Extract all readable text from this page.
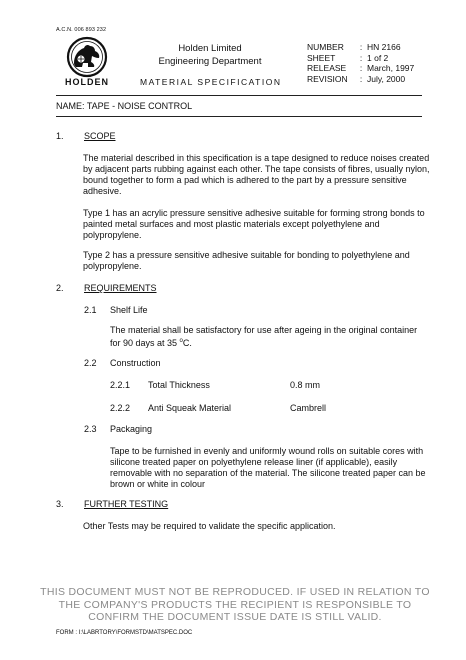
A.C.N. 006 893 232
HOLDEN
Holden Limited
Engineering Department
MATERIAL SPECIFICATION
NUMBER	: HN 2166
SHEET	: 1 of 2
RELEASE	: March, 1997
REVISION	: July, 2000
NAME: TAPE - NOISE CONTROL
1. SCOPE
The material described in this specification is a tape designed to reduce noises created by adjacent parts rubbing against each other. The tape consists of fibres, usually nylon, bound together to form a pad which is adhered to the part by a pressure sensitive adhesive.
Type 1 has an acrylic pressure sensitive adhesive suitable for forming strong bonds to painted metal surfaces and most plastic materials except polyethylene and polypropylene.
Type 2 has a pressure sensitive adhesive suitable for bonding to polyethylene and polypropylene.
2. REQUIREMENTS
2.1 Shelf Life
The material shall be satisfactory for use after ageing in the original container for 90 days at 35 $^o$C.
2.2 Construction
2.2.1 Total Thickness	0.8 mm
2.2.2 Anti Squeak Material	Cambrell
2.3 Packaging
Tape to be furnished in evenly and uniformly wound rolls on suitable cores with silicone treated paper on polyethylene release liner (if applicable), easily removable with no separation of the material. The silicone treated paper can be brown or white in colour
3. FURTHER TESTING
Other Tests may be required to validate the specific application.
THIS DOCUMENT MUST NOT BE REPRODUCED. IF USED IN RELATION TO THE COMPANY'S PRODUCTS THE RECIPIENT IS RESPONSIBLE TO CONFIRM THE DOCUMENT ISSUE DATE IS STILL VALID.
FORM : I:\LABRTORY\FORMSTD\MATSPEC.DOC
